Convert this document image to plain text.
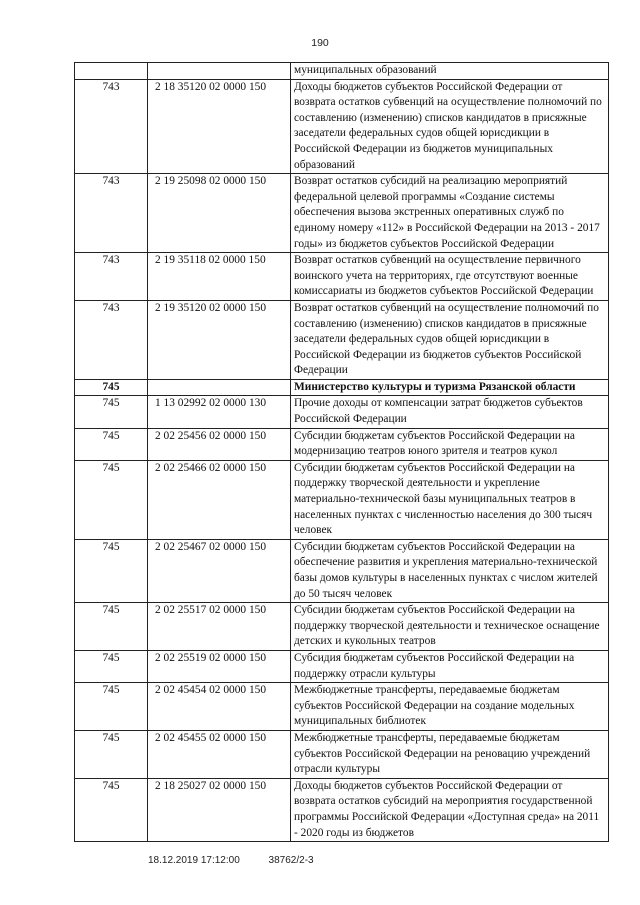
190
		муниципальных образований
743	2 18 35120 02 0000 150	Доходы бюджетов субъектов Российской Федерации от возврата остатков субвенций на осуществление полномочий по составлению (изменению) списков кандидатов в присяжные заседатели федеральных судов общей юрисдикции в Российской Федерации из бюджетов муниципальных образований
743	2 19 25098 02 0000 150	Возврат остатков субсидий на реализацию мероприятий федеральной целевой программы «Создание системы обеспечения вызова экстренных оперативных служб по единому номеру «112» в Российской Федерации на 2013 - 2017 годы» из бюджетов субъектов Российской Федерации
743	2 19 35118 02 0000 150	Возврат остатков субвенций на осуществление первичного воинского учета на территориях, где отсутствуют военные комиссариаты из бюджетов субъектов Российской Федерации
743	2 19 35120 02 0000 150	Возврат остатков субвенций на осуществление полномочий по составлению (изменению) списков кандидатов в присяжные заседатели федеральных судов общей юрисдикции в Российской Федерации из бюджетов субъектов Российской Федерации
745		Министерство культуры и туризма Рязанской области
745	1 13 02992 02 0000 130	Прочие доходы от компенсации затрат бюджетов субъектов Российской Федерации
745	2 02 25456 02 0000 150	Субсидии бюджетам субъектов Российской Федерации на модернизацию театров юного зрителя и театров кукол
745	2 02 25466 02 0000 150	Субсидии бюджетам субъектов Российской Федерации на поддержку творческой деятельности и укрепление материально-технической базы муниципальных театров в населенных пунктах с численностью населения до 300 тысяч человек
745	2 02 25467 02 0000 150	Субсидии бюджетам субъектов Российской Федерации на обеспечение развития и укрепления материально-технической базы домов культуры в населенных пунктах с числом жителей до 50 тысяч человек
745	2 02 25517 02 0000 150	Субсидии бюджетам субъектов Российской Федерации на поддержку творческой деятельности и техническое оснащение детских и кукольных театров
745	2 02 25519 02 0000 150	Субсидия бюджетам субъектов Российской Федерации на поддержку отрасли культуры
745	2 02 45454 02 0000 150	Межбюджетные трансферты, передаваемые бюджетам субъектов Российской Федерации на создание модельных муниципальных библиотек
745	2 02 45455 02 0000 150	Межбюджетные трансферты, передаваемые бюджетам субъектов Российской Федерации на реновацию учреждений отрасли культуры
745	2 18 25027 02 0000 150	Доходы бюджетов субъектов Российской Федерации от возврата остатков субсидий на мероприятия государственной программы Российской Федерации «Доступная среда» на 2011 - 2020 годы из бюджетов
18.12.2019 17:12:00	38762/2-3
